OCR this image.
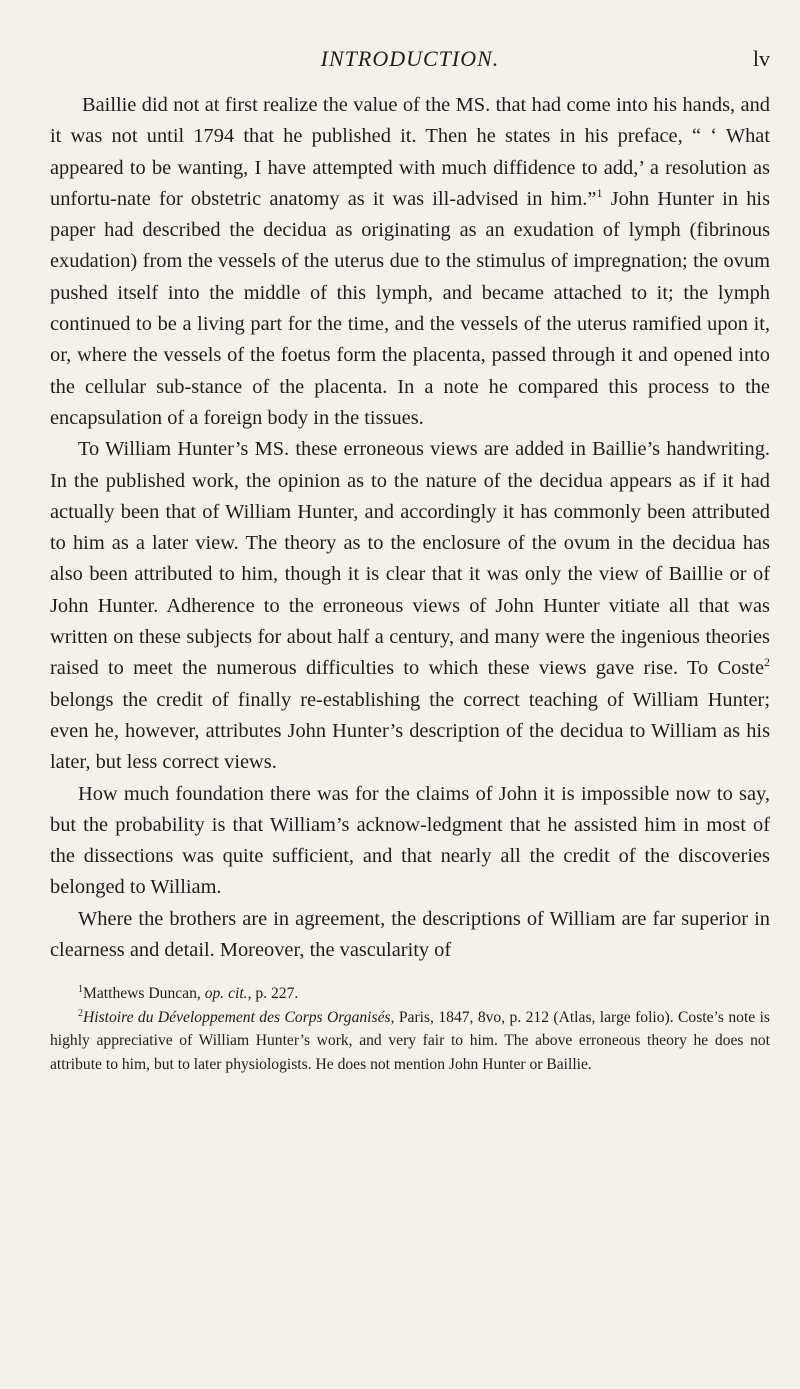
INTRODUCTION.	lv

Baillie did not at first realize the value of the MS. that had come into his hands, and it was not until 1794 that he published it. Then he states in his preface, “ ‘ What appeared to be wanting, I have attempted with much diffidence to add,’ a resolution as unfortu-nate for obstetric anatomy as it was ill-advised in him.”$^1$ John Hunter in his paper had described the decidua as originating as an exudation of lymph (fibrinous exudation) from the vessels of the uterus due to the stimulus of impregnation; the ovum pushed itself into the middle of this lymph, and became attached to it; the lymph continued to be a living part for the time, and the vessels of the uterus ramified upon it, or, where the vessels of the foetus form the placenta, passed through it and opened into the cellular sub-stance of the placenta. In a note he compared this process to the encapsulation of a foreign body in the tissues.

To William Hunter’s MS. these erroneous views are added in Baillie’s handwriting. In the published work, the opinion as to the nature of the decidua appears as if it had actually been that of William Hunter, and accordingly it has commonly been attributed to him as a later view. The theory as to the enclosure of the ovum in the decidua has also been attributed to him, though it is clear that it was only the view of Baillie or of John Hunter. Adherence to the erroneous views of John Hunter vitiate all that was written on these subjects for about half a century, and many were the ingenious theories raised to meet the numerous difficulties to which these views gave rise. To Coste$^2$ belongs the credit of finally re-establishing the correct teaching of William Hunter; even he, however, attributes John Hunter’s description of the decidua to William as his later, but less correct views.

How much foundation there was for the claims of John it is impossible now to say, but the probability is that William’s acknow-ledgment that he assisted him in most of the dissections was quite sufficient, and that nearly all the credit of the discoveries belonged to William.

Where the brothers are in agreement, the descriptions of William are far superior in clearness and detail. Moreover, the vascularity of

$^1$Matthews Duncan, op. cit., p. 227.

$^2$Histoire du Développement des Corps Organisés, Paris, 1847, 8vo, p. 212 (Atlas, large folio). Coste’s note is highly appreciative of William Hunter’s work, and very fair to him. The above erroneous theory he does not attribute to him, but to later physiologists. He does not mention John Hunter or Baillie.
